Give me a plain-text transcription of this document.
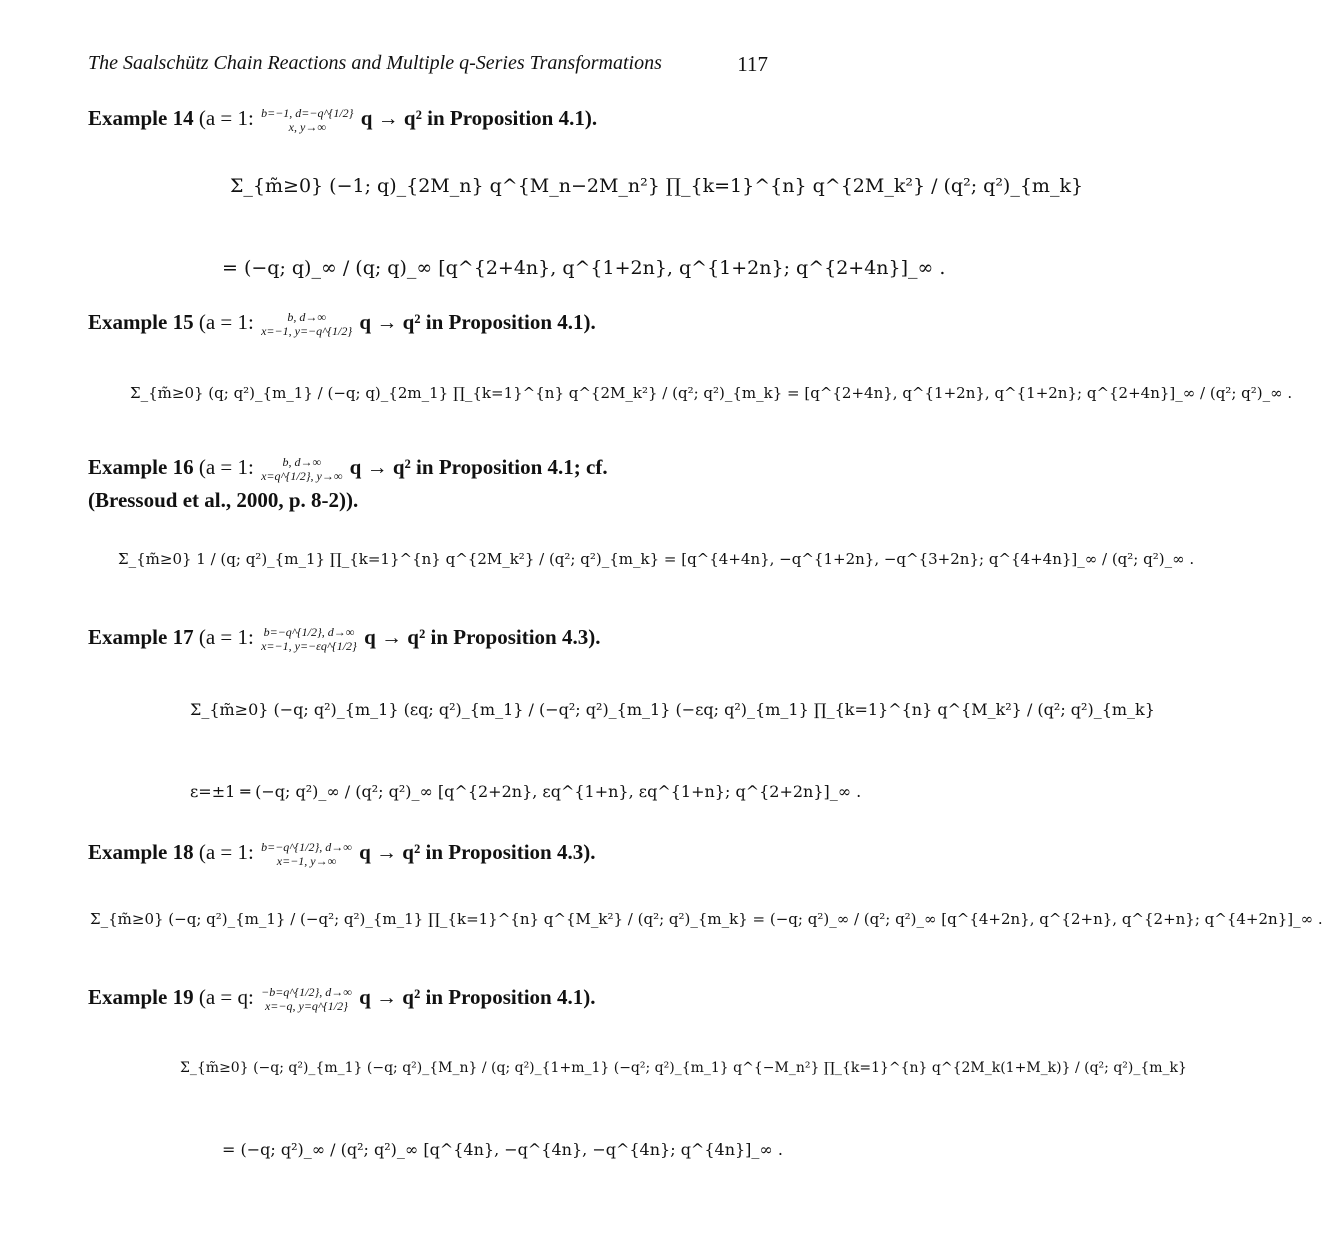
The Saalschütz Chain Reactions and Multiple q-Series Transformations	117
Example 14 (a = 1: b=−1, d=−q^{1/2}
x, y→∞	q → q² in Proposition 4.1).
Σ_{m̃≥0} (−1; q)_{2M_n} q^{M_n−2M_n²} ∏_{k=1}^{n} q^{2M_k²} / (q²; q²)_{m_k}
= (−q; q)_∞ / (q; q)_∞ [q^{2+4n}, q^{1+2n}, q^{1+2n}; q^{2+4n}]_∞ .
Example 15 (a = 1:	b, d→∞
x=−1, y=−q^{1/2} q → q² in Proposition 4.1).
Σ_{m̃≥0} (q; q²)_{m_1} / (−q; q)_{2m_1} ∏_{k=1}^{n} q^{2M_k²} / (q²; q²)_{m_k} = [q^{2+4n}, q^{1+2n}, q^{1+2n}; q^{2+4n}]_∞ / (q²; q²)_∞ .
Example 16 (a = 1:	b, d→∞
x=q^{1/2}, y→∞ q → q² in Proposition 4.1; cf.
(Bressoud et al., 2000, p. 8-2)).
Σ_{m̃≥0} 1 / (q; q²)_{m_1} ∏_{k=1}^{n} q^{2M_k²} / (q²; q²)_{m_k} = [q^{4+4n}, −q^{1+2n}, −q^{3+2n}; q^{4+4n}]_∞ / (q²; q²)_∞ .
Example 17 (a = 1: b=−q^{1/2}, d→∞
x=−1, y=−εq^{1/2} q → q² in Proposition 4.3).
Σ_{m̃≥0} (−q; q²)_{m_1} (εq; q²)_{m_1} / (−q²; q²)_{m_1} (−εq; q²)_{m_1} ∏_{k=1}^{n} q^{M_k²} / (q²; q²)_{m_k}
ε=±1 ═ (−q; q²)_∞ / (q²; q²)_∞ [q^{2+2n}, εq^{1+n}, εq^{1+n}; q^{2+2n}]_∞ .
Example 18 (a = 1: b=−q^{1/2}, d→∞
x=−1, y→∞	q → q² in Proposition 4.3).
Σ_{m̃≥0} (−q; q²)_{m_1} / (−q²; q²)_{m_1} ∏_{k=1}^{n} q^{M_k²} / (q²; q²)_{m_k} = (−q; q²)_∞ / (q²; q²)_∞ [q^{4+2n}, q^{2+n}, q^{2+n}; q^{4+2n}]_∞ .
Example 19 (a = q: −b=q^{1/2}, d→∞
x=−q, y=q^{1/2} q → q² in Proposition 4.1).
Σ_{m̃≥0} (−q; q²)_{m_1} (−q; q²)_{M_n} / (q; q²)_{1+m_1} (−q²; q²)_{m_1} q^{−M_n²} ∏_{k=1}^{n} q^{2M_k(1+M_k)} / (q²; q²)_{m_k}
= (−q; q²)_∞ / (q²; q²)_∞ [q^{4n}, −q^{4n}, −q^{4n}; q^{4n}]_∞ .
